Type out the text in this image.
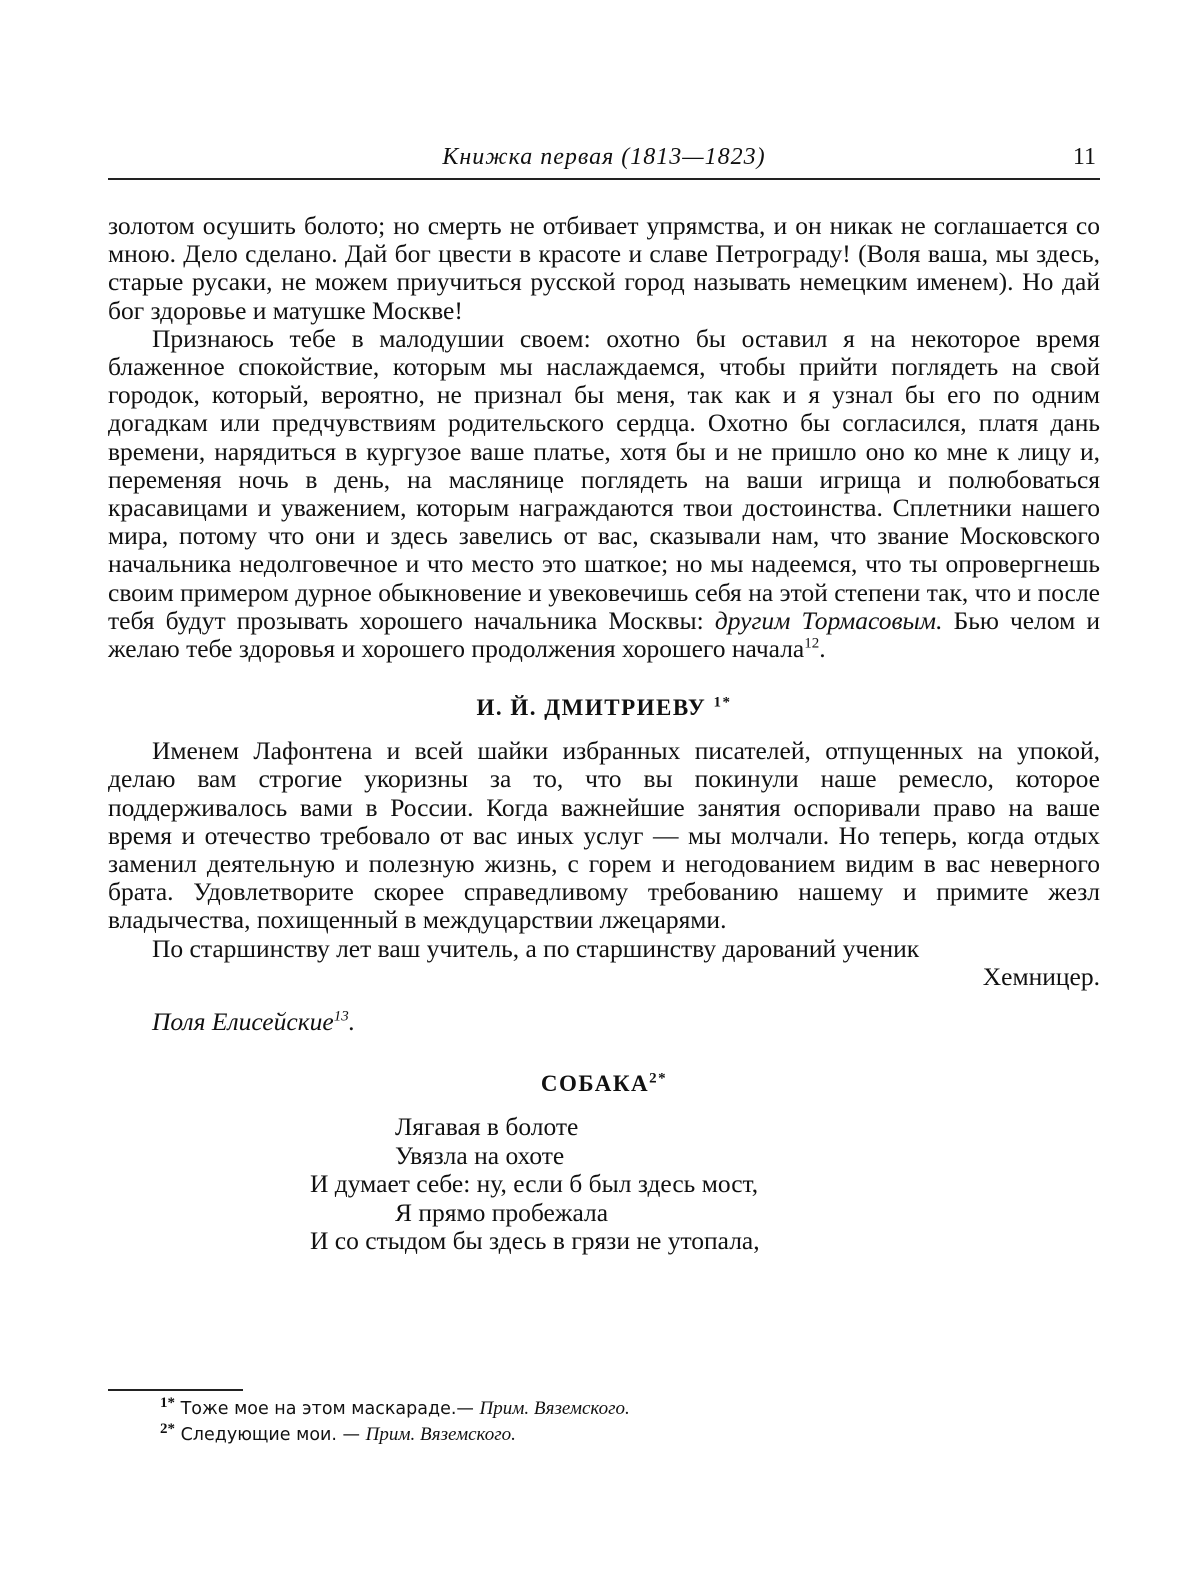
Книжка первая (1813—1823)	11

золотом осушить болото; но смерть не отбивает упрямства, и он никак не соглашается со мною. Дело сделано. Дай бог цвести в красоте и славе Петрограду! (Воля ваша, мы здесь, старые русаки, не можем приучиться русской город называть немецким именем). Но дай бог здоровье и матушке Москве!

Признаюсь тебе в малодушии своем: охотно бы оставил я на некоторое время блаженное спокойствие, которым мы наслаждаемся, чтобы прийти поглядеть на свой городок, который, вероятно, не признал бы меня, так как и я узнал бы его по одним догадкам или предчувствиям родительского сердца. Охотно бы согласился, платя дань времени, нарядиться в кургузое ваше платье, хотя бы и не пришло оно ко мне к лицу и, переменяя ночь в день, на масляницe поглядеть на ваши игрища и полюбоваться красавицами и уважением, которым награждаются твои достоинства. Сплетники нашего мира, потому что они и здесь завелись от вас, сказывали нам, что звание Московского начальника недолговечное и что место это шаткое; но мы надеемся, что ты опровергнешь своим примером дурное обыкновение и увековечишь себя на этой степени так, что и после тебя будут прозывать хорошего начальника Москвы: другим Тормасовым. Бью челом и желаю тебе здоровья и хорошего продолжения хорошего начала$^{12}$.

И. Й. ДМИТРИЕВУ $^{1*}$

Именем Лафонтена и всей шайки избранных писателей, отпущенных на упокой, делаю вам строгие укоризны за то, что вы покинули наше ремесло, которое поддерживалось вами в России. Когда важнейшие занятия оспоривали право на ваше время и отечество требовало от вас иных услуг — мы молчали. Но теперь, когда отдых заменил деятельную и полезную жизнь, с горем и негодованием видим в вас неверного брата. Удовлетворите скорее справедливому требованию нашему и примите жезл владычества, похищенный в междуцарствии лжецарями.

По старшинству лет ваш учитель, а по старшинству дарований ученик

Хемницер.

Поля Елисейские$^{13}$.

$СОБАКА^{2*}$

Лягавая в болоте
Увязла на охоте
И думает себе: ну, если б был здесь мост,
Я прямо пробежала
И со стыдом бы здесь в грязи не утопала,
1* Тоже мое на этом маскараде.— Прим. Вяземского.
2* Следующие мои. — Прим. Вяземского.
